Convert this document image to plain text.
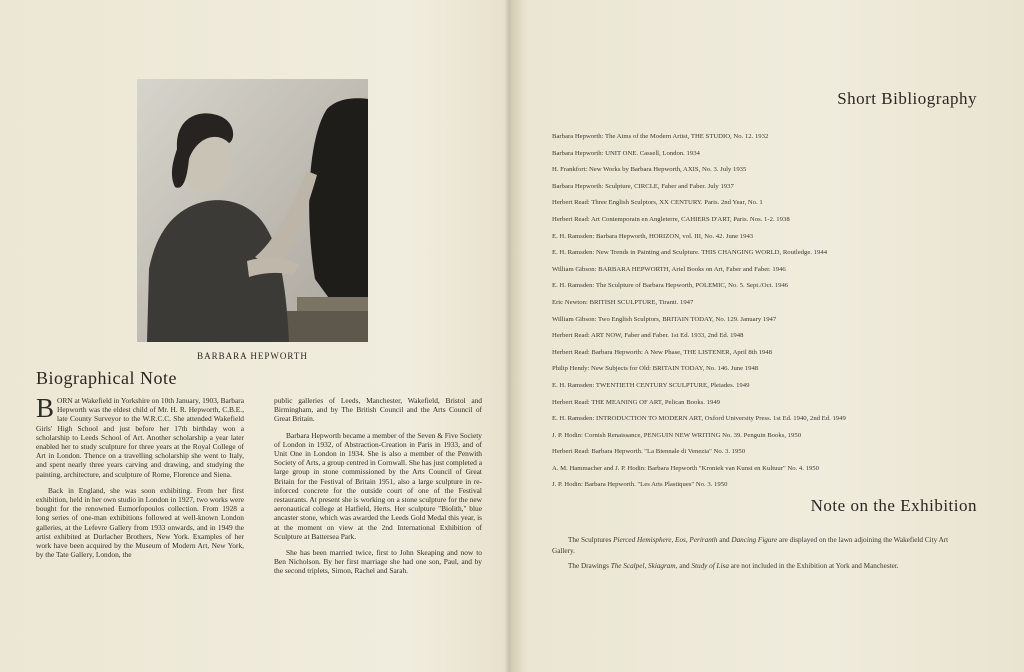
BARBARA HEPWORTH
Biographical Note

BORN at Wakefield in Yorkshire on 10th January, 1903, Barbara Hepworth was the eldest child of Mr. H. R. Hepworth, C.B.E., late County Surveyor to the W.R.C.C. She attended Wakefield Girls' High School and just before her 17th birthday won a scholarship to Leeds School of Art. Another scholarship a year later enabled her to study sculpture for three years at the Royal College of Art in London. Thence on a travelling scholarship she went to Italy, and spent nearly three years carving and drawing, and studying the painting, architecture, and sculpture of Rome, Florence and Siena.

Back in England, she was soon exhibiting. From her first exhibition, held in her own studio in London in 1927, two works were bought for the renowned Eumorfopoulos collection. From 1928 a long series of one-man exhibitions followed at well-known London galleries, at the Lefevre Gallery from 1933 onwards, and in 1949 the artist exhibited at Durlacher Brothers, New York. Examples of her work have been acquired by the Museum of Modern Art, New York, by the Tate Gallery, London, the

public galleries of Leeds, Manchester, Wakefield, Bristol and Birmingham, and by The British Council and the Arts Council of Great Britain.

Barbara Hepworth became a member of the Seven & Five Society of London in 1932, of Abstraction-Creation in Paris in 1933, and of Unit One in London in 1934. She is also a member of the Penwith Society of Arts, a group centred in Cornwall. She has just completed a large group in stone commissioned by the Arts Council of Great Britain for the Festival of Britain 1951, also a large sculpture in re-inforced concrete for the outside court of one of the Festival restaurants. At present she is working on a stone sculpture for the new aeronautical college at Hatfield, Herts. Her sculpture "Biolith," blue ancaster stone, which was awarded the Leeds Gold Medal this year, is at the moment on view at the 2nd International Exhibition of Sculpture at Battersea Park.

She has been married twice, first to John Skeaping and now to Ben Nicholson. By her first marriage she had one son, Paul, and by the second triplets, Simon, Rachel and Sarah.

Short Bibliography
Barbara Hepworth: The Aims of the Modern Artist, THE STUDIO, No. 12. 1932
Barbara Hepworth: UNIT ONE. Cassell, London. 1934
H. Frankfort: New Works by Barbara Hepworth, AXIS, No. 3. July 1935
Barbara Hepworth: Sculpture, CIRCLE, Faber and Faber. July 1937
Herbert Read: Three English Sculptors, XX CENTURY. Paris. 2nd Year, No. 1
Herbert Read: Art Contemporain en Angleterre, CAHIERS D'ART, Paris. Nos. 1-2. 1938
E. H. Ramsden: Barbara Hepworth, HORIZON, vol. III, No. 42. June 1943
E. H. Ramsden: New Trends in Painting and Sculpture. THIS CHANGING WORLD, Routledge. 1944
William Gibson: BARBARA HEPWORTH, Ariel Books on Art, Faber and Faber. 1946
E. H. Ramsden: The Sculpture of Barbara Hepworth, POLEMIC, No. 5. Sept./Oct. 1946
Eric Newton: BRITISH SCULPTURE, Tiranti. 1947
William Gibson: Two English Sculptors, BRITAIN TODAY, No. 129. January 1947
Herbert Read: ART NOW, Faber and Faber. 1st Ed. 1933, 2nd Ed. 1948
Herbert Read: Barbara Hepworth: A New Phase, THE LISTENER, April 8th 1948
Philip Hendy: New Subjects for Old: BRITAIN TODAY, No. 146. June 1948
E. H. Ramsden: TWENTIETH CENTURY SCULPTURE, Pleiades. 1949
Herbert Read: THE MEANING OF ART, Pelican Books. 1949
E. H. Ramsden: INTRODUCTION TO MODERN ART, Oxford University Press. 1st Ed. 1940, 2nd Ed. 1949
J. P. Hodin: Cornish Renaissance, PENGUIN NEW WRITING No. 39. Penguin Books, 1950
Herbert Read: Barbara Hepworth. "La Biennale di Venezia" No. 3. 1950
A. M. Hammacher and J. P. Hodin: Barbara Hepworth "Kroniek van Kunst en Kultuur" No. 4. 1950
J. P. Hodin: Barbara Hepworth. "Les Arts Plastiques" No. 3. 1950
Note on the Exhibition

The Sculptures Pierced Hemisphere, Eos, Periranth and Dancing Figure are displayed on the lawn adjoining the Wakefield City Art Gallery.

The Drawings The Scalpel, Skiagram, and Study of Lisa are not included in the Exhibition at York and Manchester.
